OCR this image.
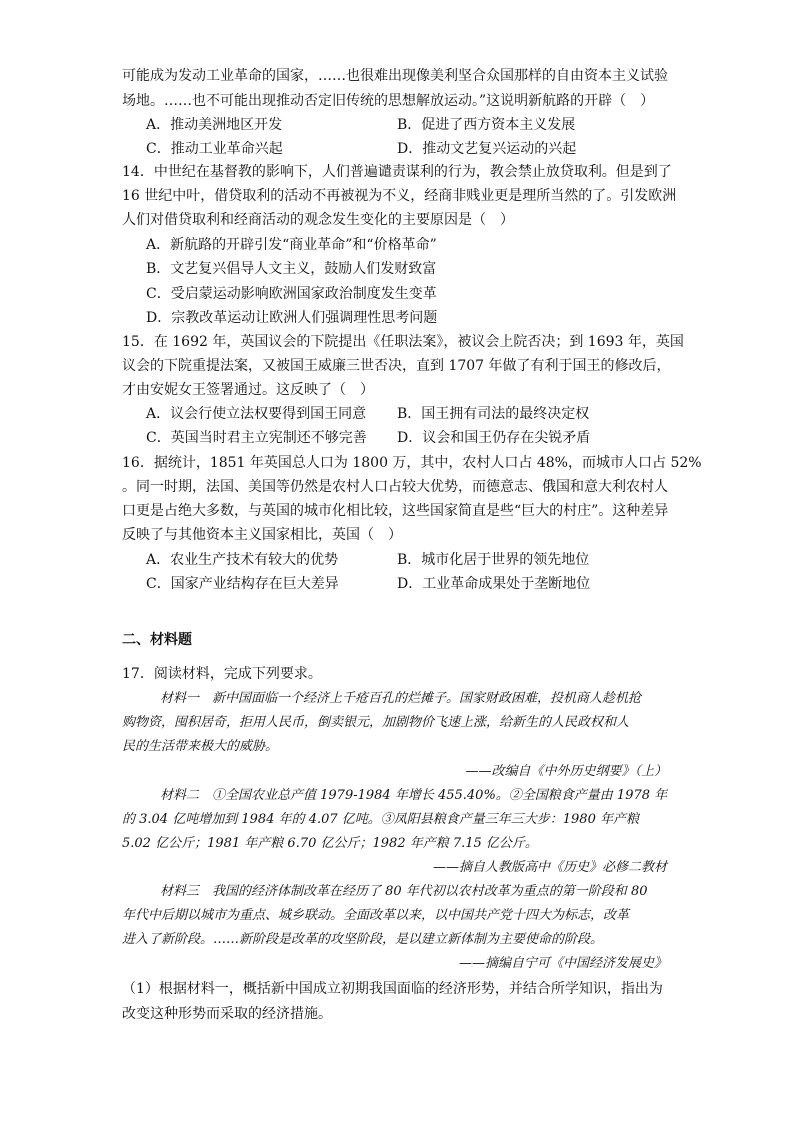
可能成为发动工业革命的国家，……也很难出现像美利坚合众国那样的自由资本主义试验
场地。……也不可能出现推动否定旧传统的思想解放运动。”这说明新航路的开辟（　）
A．推动美洲地区开发	B．促进了西方资本主义发展
C．推动工业革命兴起	D．推动文艺复兴运动的兴起
14．中世纪在基督教的影响下，人们普遍谴责谋利的行为，教会禁止放贷取利。但是到了
16 世纪中叶，借贷取利的活动不再被视为不义，经商非贱业更是理所当然的了。引发欧洲
人们对借贷取利和经商活动的观念发生变化的主要原因是（　）
A．新航路的开辟引发“商业革命”和“价格革命”
B．文艺复兴倡导人文主义，鼓励人们发财致富
C．受启蒙运动影响欧洲国家政治制度发生变革
D．宗教改革运动让欧洲人们强调理性思考问题
15．在 1692 年，英国议会的下院提出《任职法案》，被议会上院否决；到 1693 年，英国
议会的下院重提法案，又被国王威廉三世否决，直到 1707 年做了有利于国王的修改后，
才由安妮女王签署通过。这反映了（　）
A．议会行使立法权要得到国王同意 B．国王拥有司法的最终决定权
C．英国当时君主立宪制还不够完善 D．议会和国王仍存在尖锐矛盾
16．据统计，1851 年英国总人口为 1800 万，其中，农村人口占 48%，而城市人口占 52%
。同一时期，法国、美国等仍然是农村人口占较大优势，而德意志、俄国和意大利农村人
口更是占绝大多数，与英国的城市化相比较，这些国家简直是些“巨大的村庄”。这种差异
反映了与其他资本主义国家相比，英国（　）
A．农业生产技术有较大的优势	B．城市化居于世界的领先地位
C．国家产业结构存在巨大差异	D．工业革命成果处于垄断地位
二、材料题
17．阅读材料，完成下列要求。
材料一　新中国面临一个经济上千疮百孔的烂摊子。国家财政困难，投机商人趁机抢
购物资，囤积居奇，拒用人民币，倒卖银元，加剧物价飞速上涨，给新生的人民政权和人
民的生活带来极大的威胁。
——改编自《中外历史纲要》（上）
材料二　①全国农业总产值 1979-1984 年增长 455.40%。②全国粮食产量由 1978 年
的 3.04 亿吨增加到 1984 年的 4.07 亿吨。③凤阳县粮食产量三年三大步：1980 年产粮
5.02 亿公斤；1981 年产粮 6.70 亿公斤；1982 年产粮 7.15 亿公斤。
——摘自人教版高中《历史》必修二教材
材料三　我国的经济体制改革在经历了 80 年代初以农村改革为重点的第一阶段和 80
年代中后期以城市为重点、城乡联动。全面改革以来，以中国共产党十四大为标志，改革
进入了新阶段。……新阶段是改革的攻坚阶段，是以建立新体制为主要使命的阶段。
——摘编自宁可《中国经济发展史》
（1）根据材料一，概括新中国成立初期我国面临的经济形势，并结合所学知识，指出为
改变这种形势而采取的经济措施。
